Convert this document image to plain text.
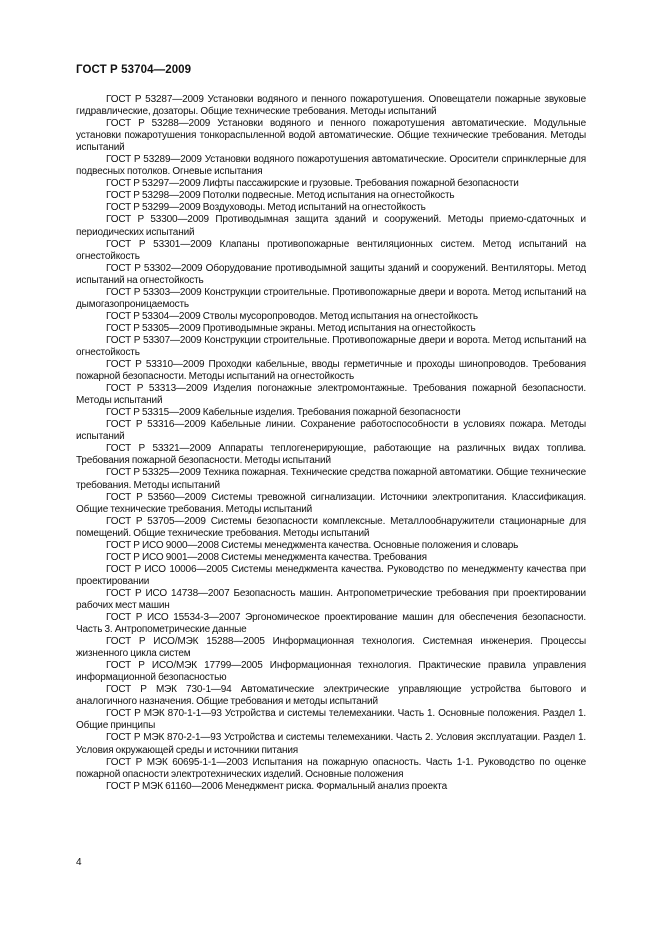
ГОСТ Р 53704—2009

ГОСТ Р 53287—2009 Установки водяного и пенного пожаротушения. Оповещатели пожарные звуковые гидравлические, дозаторы. Общие технические требования. Методы испытаний

ГОСТ Р 53288—2009 Установки водяного и пенного пожаротушения автоматические. Модульные установки пожаротушения тонкораспыленной водой автоматические. Общие технические требования. Методы испытаний

ГОСТ Р 53289—2009 Установки водяного пожаротушения автоматические. Оросители спринклерные для подвесных потолков. Огневые испытания

ГОСТ Р 53297—2009 Лифты пассажирские и грузовые. Требования пожарной безопасности

ГОСТ Р 53298—2009 Потолки подвесные. Метод испытания на огнестойкость

ГОСТ Р 53299—2009 Воздуховоды. Метод испытаний на огнестойкость

ГОСТ Р 53300—2009 Противодымная защита зданий и сооружений. Методы приемо-сдаточных и периодических испытаний

ГОСТ Р 53301—2009 Клапаны противопожарные вентиляционных систем. Метод испытаний на огнестойкость

ГОСТ Р 53302—2009 Оборудование противодымной защиты зданий и сооружений. Вентиляторы. Метод испытаний на огнестойкость

ГОСТ Р 53303—2009 Конструкции строительные. Противопожарные двери и ворота. Метод испытаний на дымогазопроницаемость

ГОСТ Р 53304—2009 Стволы мусоропроводов. Метод испытания на огнестойкость

ГОСТ Р 53305—2009 Противодымные экраны. Метод испытания на огнестойкость

ГОСТ Р 53307—2009 Конструкции строительные. Противопожарные двери и ворота. Метод испытаний на огнестойкость

ГОСТ Р 53310—2009 Проходки кабельные, вводы герметичные и проходы шинопроводов. Требования пожарной безопасности. Методы испытаний на огнестойкость

ГОСТ Р 53313—2009 Изделия погонажные электромонтажные. Требования пожарной безопасности. Методы испытаний

ГОСТ Р 53315—2009 Кабельные изделия. Требования пожарной безопасности

ГОСТ Р 53316—2009 Кабельные линии. Сохранение работоспособности в условиях пожара. Методы испытаний

ГОСТ Р 53321—2009 Аппараты теплогенерирующие, работающие на различных видах топлива. Требования пожарной безопасности. Методы испытаний

ГОСТ Р 53325—2009 Техника пожарная. Технические средства пожарной автоматики. Общие технические требования. Методы испытаний

ГОСТ Р 53560—2009 Системы тревожной сигнализации. Источники электропитания. Классификация. Общие технические требования. Методы испытаний

ГОСТ Р 53705—2009 Системы безопасности комплексные. Металлообнаружители стационарные для помещений. Общие технические требования. Методы испытаний

ГОСТ Р ИСО 9000—2008 Системы менеджмента качества. Основные положения и словарь

ГОСТ Р ИСО 9001—2008 Системы менеджмента качества. Требования

ГОСТ Р ИСО 10006—2005 Системы менеджмента качества. Руководство по менеджменту качества при проектировании

ГОСТ Р ИСО 14738—2007 Безопасность машин. Антропометрические требования при проектировании рабочих мест машин

ГОСТ Р ИСО 15534-3—2007 Эргономическое проектирование машин для обеспечения безопасности. Часть 3. Антропометрические данные

ГОСТ Р ИСО/МЭК 15288—2005 Информационная технология. Системная инженерия. Процессы жизненного цикла систем

ГОСТ Р ИСО/МЭК 17799—2005 Информационная технология. Практические правила управления информационной безопасностью

ГОСТ Р МЭК 730-1—94 Автоматические электрические управляющие устройства бытового и аналогичного назначения. Общие требования и методы испытаний

ГОСТ Р МЭК 870-1-1—93 Устройства и системы телемеханики. Часть 1. Основные положения. Раздел 1. Общие принципы

ГОСТ Р МЭК 870-2-1—93 Устройства и системы телемеханики. Часть 2. Условия эксплуатации. Раздел 1. Условия окружающей среды и источники питания

ГОСТ Р МЭК 60695-1-1—2003 Испытания на пожарную опасность. Часть 1-1. Руководство по оценке пожарной опасности электротехнических изделий. Основные положения

ГОСТ Р МЭК 61160—2006 Менеджмент риска. Формальный анализ проекта

4
